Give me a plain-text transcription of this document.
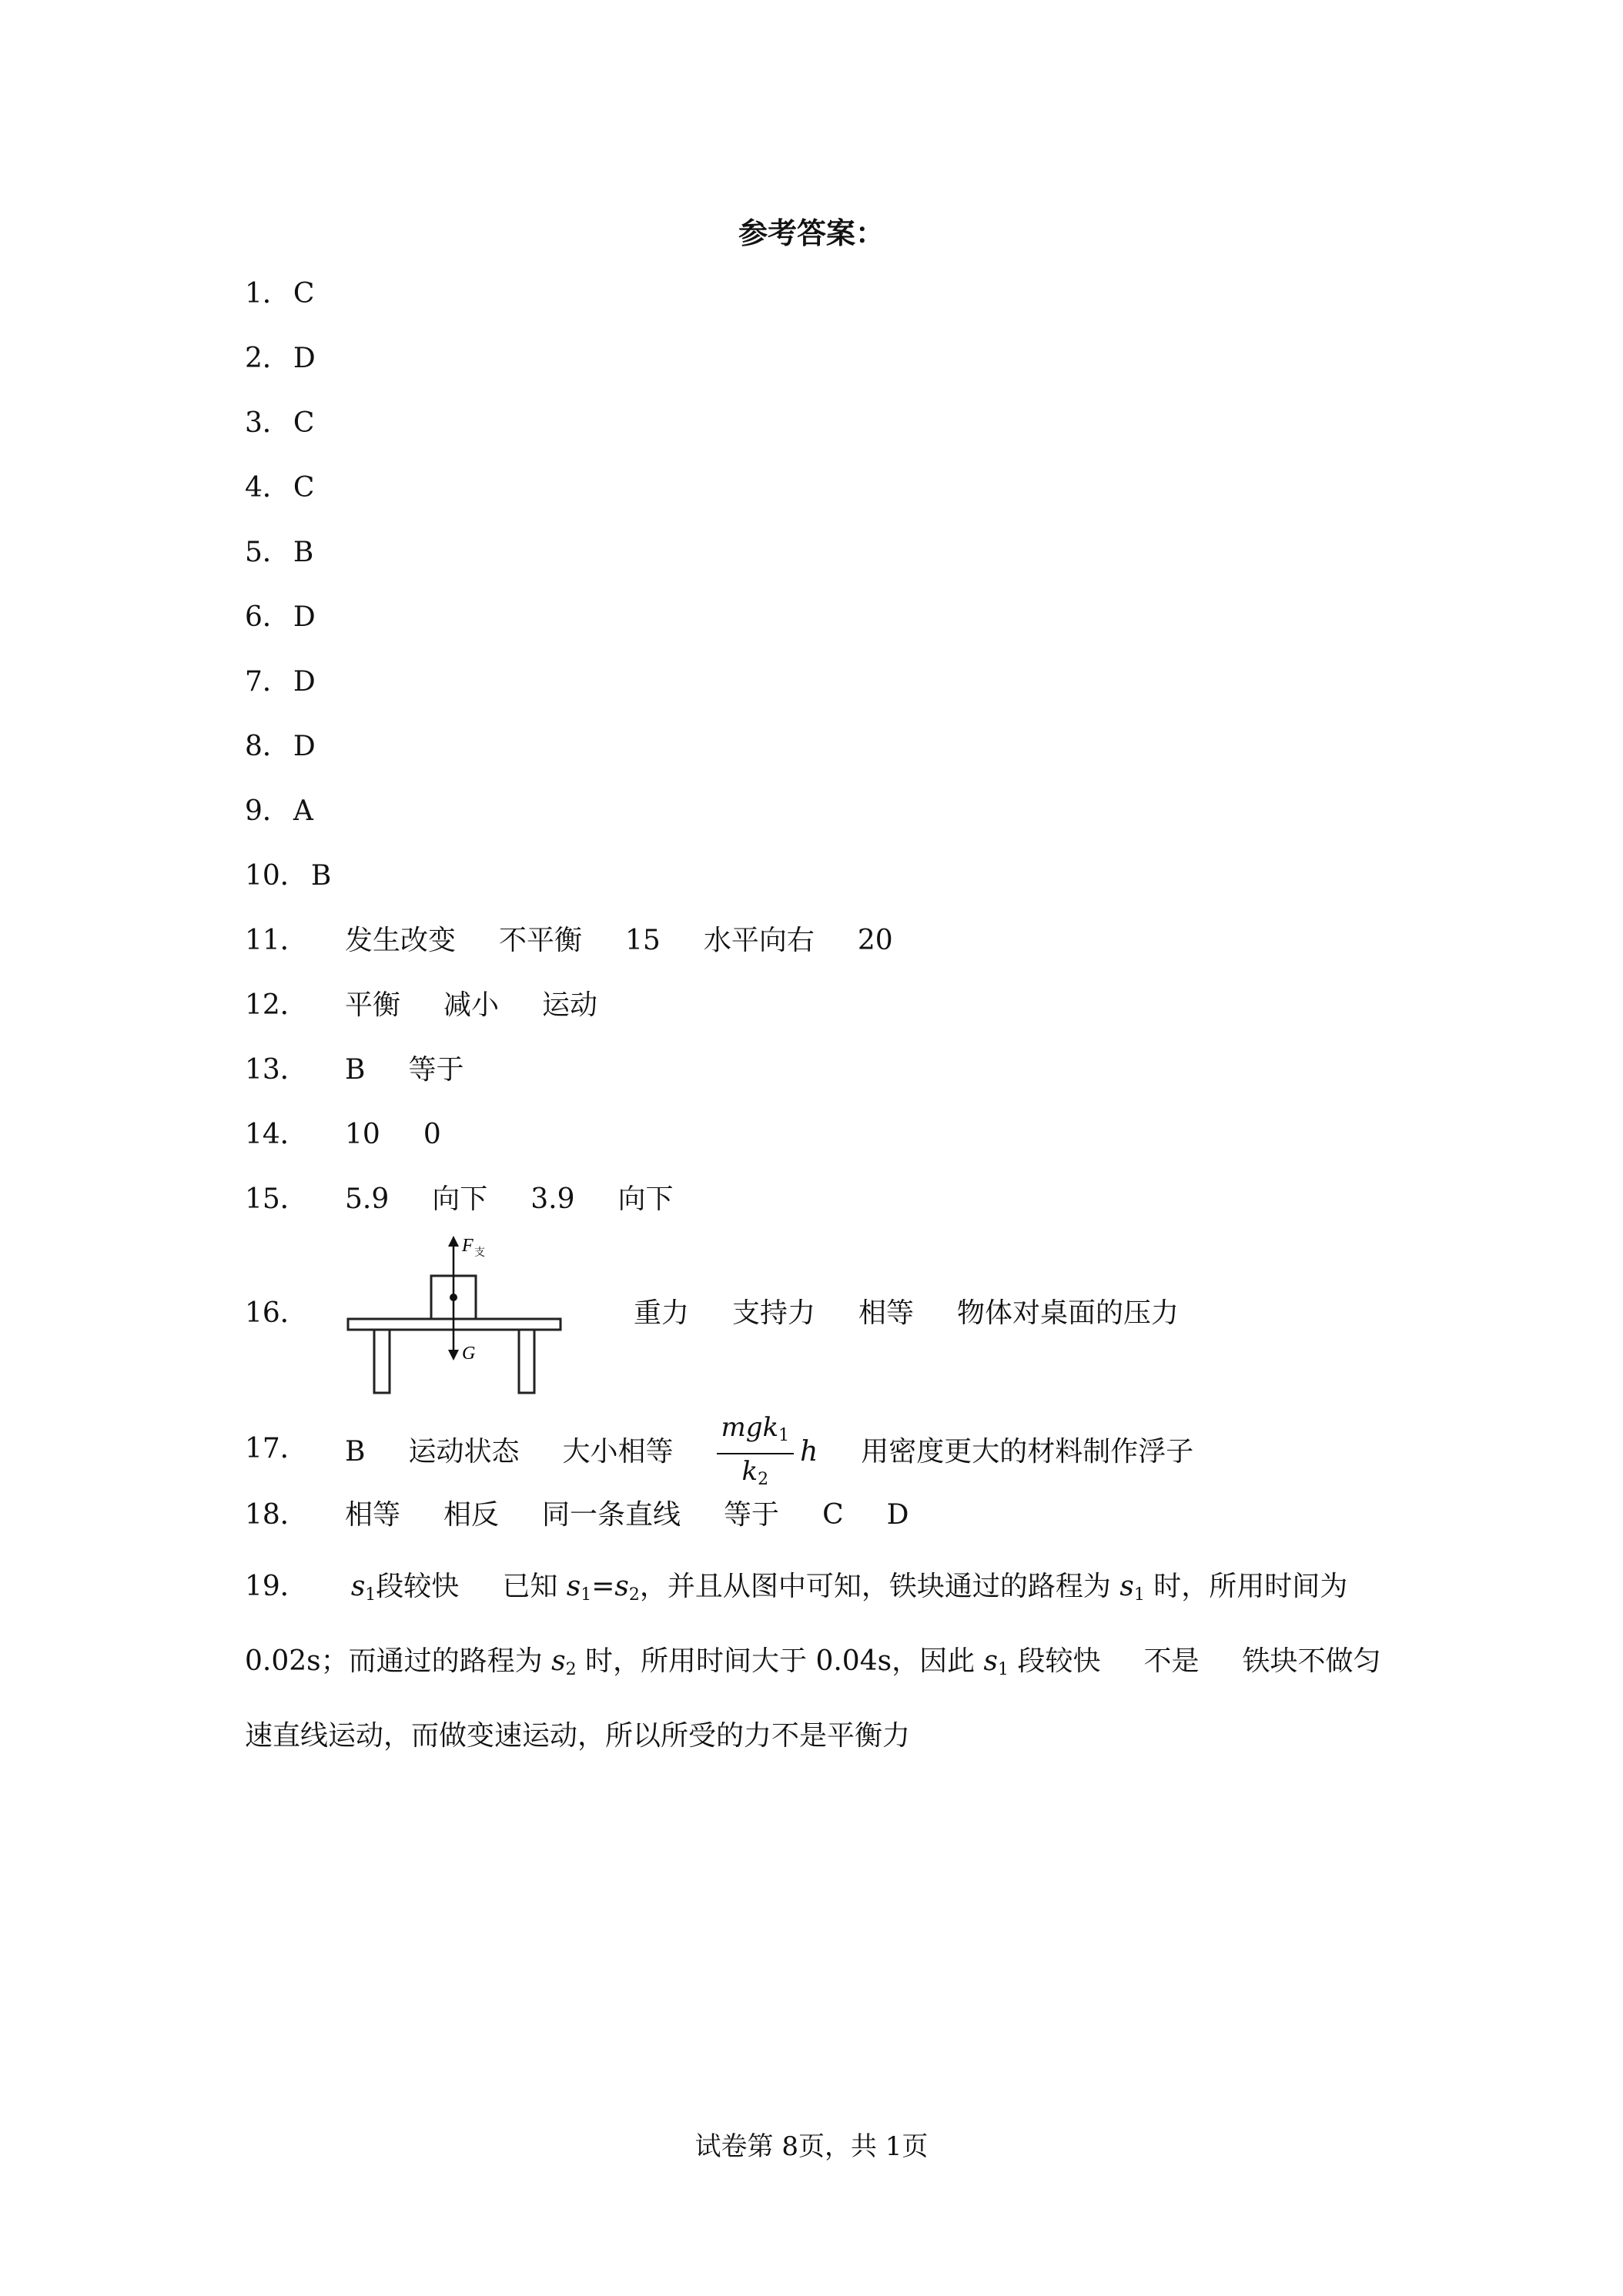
参考答案：
1． C
2． D
3． C
4． C
5． B
6． D
7． D
8． D
9． A
10． B
11． 发生改变 不平衡 15 水平向右 20
12． 平衡 减小 运动
13． B 等于
14． 10 0
15． 5.9 向下 3.9 向下
16．
F 支
G
重力 支持力 相等 物体对桌面的压力
17． B 运动状态 大小相等 $\frac{mgk_1}{k_2}$ h 用密度更大的材料制作浮子
18． 相等 相反 同一条直线 等于 C D
19． $s_1$段较快 已知 $s_1=s_2$，并且从图中可知，铁块通过的路程为 $s_1$ 时，所用时间为 0.02s；而通过的路程为 $s_2$ 时，所用时间大于 0.04s，因此 $s_1$ 段较快 不是 铁块不做匀速直线运动，而做变速运动，所以所受的力不是平衡力
试卷第 8页，共 1页
